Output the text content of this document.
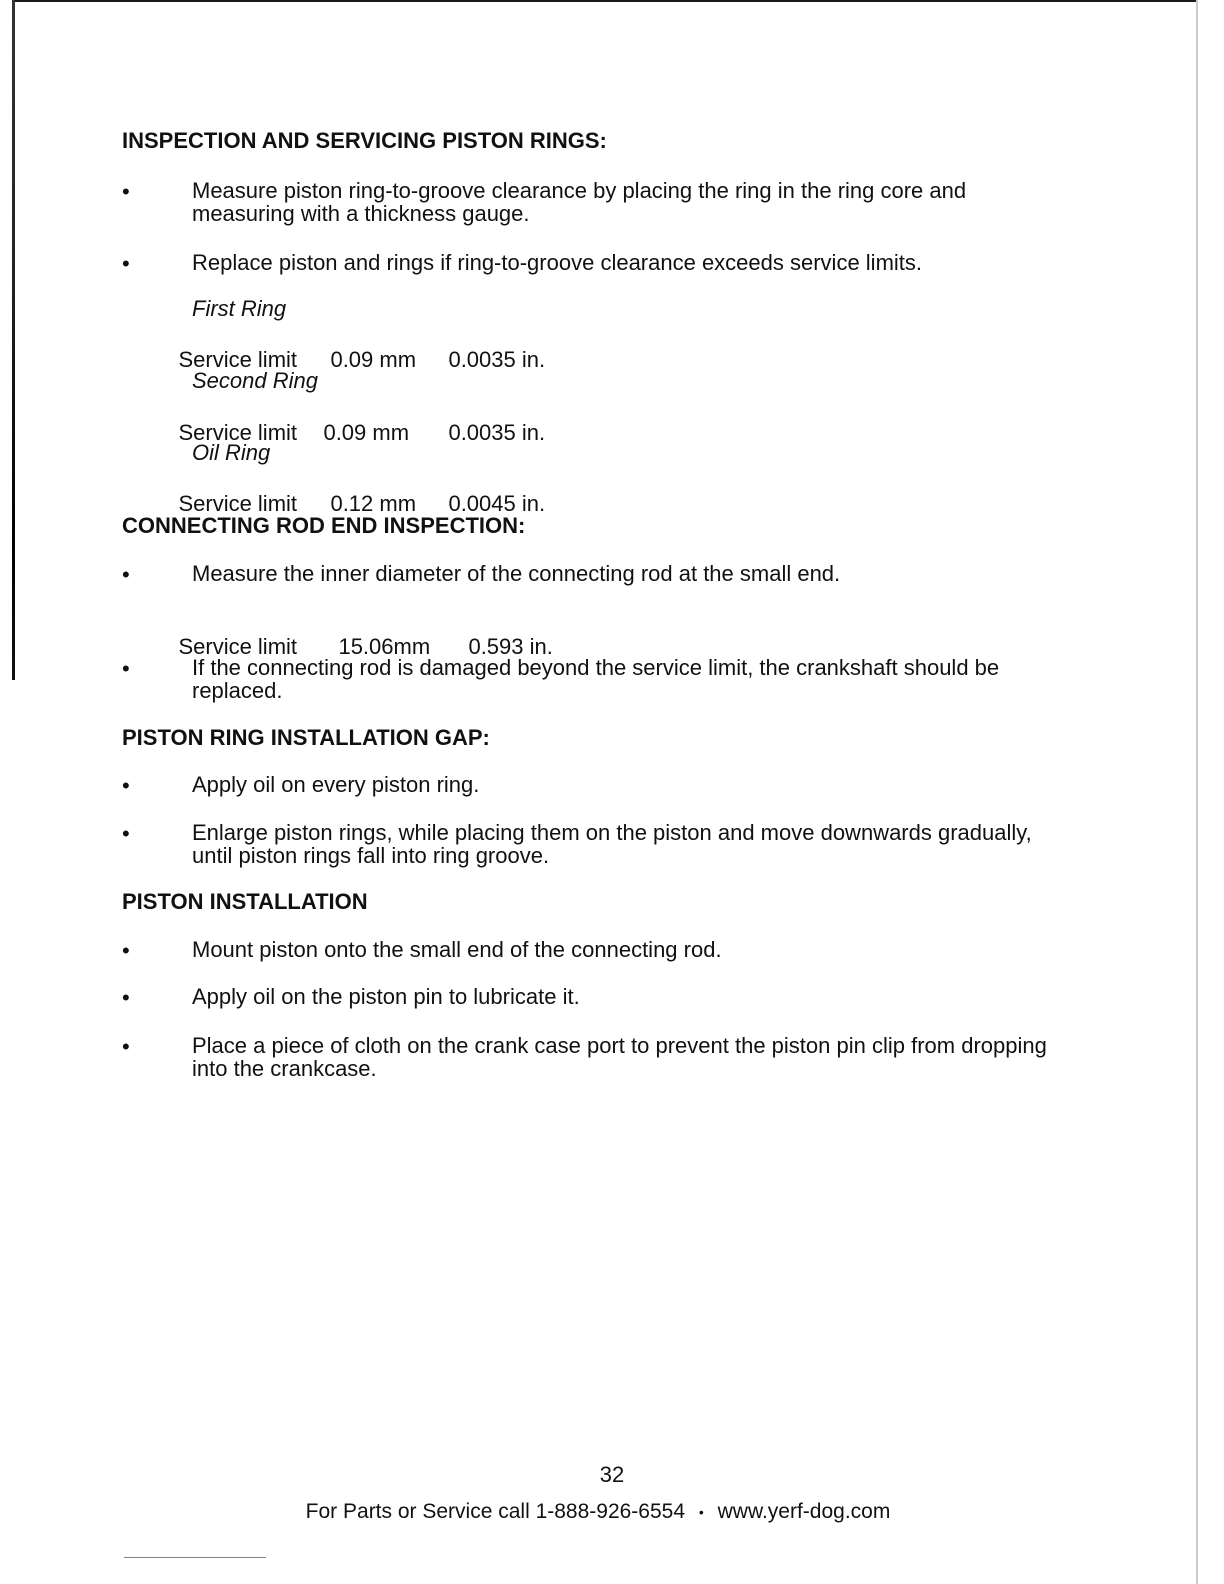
INSPECTION AND SERVICING PISTON RINGS:
•	Measure piston ring-to-groove clearance by placing the ring in the ring core and measuring with a thickness gauge.
•	Replace piston and rings if ring-to-groove clearance exceeds service limits.
First Ring

Service limit 0.09 mm 0.0035 in.

Second Ring

Service limit 0.09 mm 0.0035 in.

Oil Ring

Service limit 0.12 mm 0.0045 in.

CONNECTING ROD END INSPECTION:
•	Measure the inner diameter of the connecting rod at the small end.

Service limit 15.06mm 0.593 in.

•	If the connecting rod is damaged beyond the service limit, the crankshaft should be replaced.
PISTON RING INSTALLATION GAP:
•	Apply oil on every piston ring.
•	Enlarge piston rings, while placing them on the piston and move downwards gradually, until piston rings fall into ring groove.
PISTON INSTALLATION
•	Mount piston onto the small end of the connecting rod.
•	Apply oil on the piston pin to lubricate it.
•	Place a piece of cloth on the crank case port to prevent the piston pin clip from dropping into the crankcase.
32
For Parts or Service call 1-888-926-6554 • www.yerf-dog.com
